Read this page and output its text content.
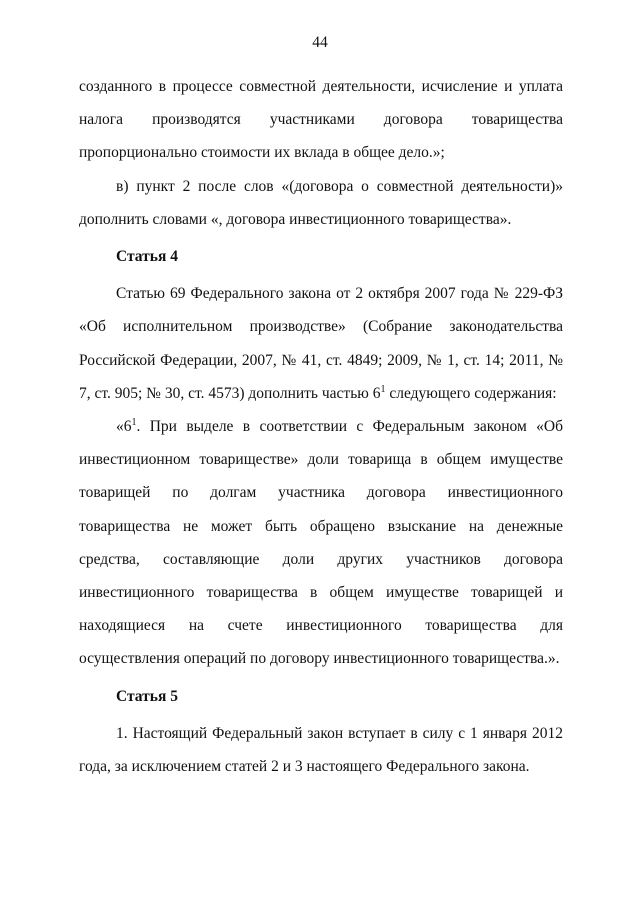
44

созданного в процессе совместной деятельности, исчисление и уплата

налога производятся участниками договора товарищества

пропорционально стоимости их вклада в общее дело.»;

в) пункт 2 после слов «(договора о совместной деятельности)» дополнить словами «, договора инвестиционного товарищества».

Статья 4

Статью 69 Федерального закона от 2 октября 2007 года № 229-ФЗ «Об исполнительном производстве» (Собрание законодательства Российской Федерации, 2007, № 41, ст. 4849; 2009, № 1, ст. 14; 2011, № 7, ст. 905; № 30, ст. 4573) дополнить частью $6^1$ следующего содержания:

«$6^1$. При выделе в соответствии с Федеральным законом «Об инвестиционном товариществе» доли товарища в общем имуществе товарищей по долгам участника договора инвестиционного товарищества не может быть обращено взыскание на денежные средства, составляющие доли других участников договора инвестиционного товарищества в общем имуществе товарищей и находящиеся на счете инвестиционного товарищества для осуществления операций по договору инвестиционного товарищества.».

Статья 5

1. Настоящий Федеральный закон вступает в силу с 1 января 2012 года, за исключением статей 2 и 3 настоящего Федерального закона.
